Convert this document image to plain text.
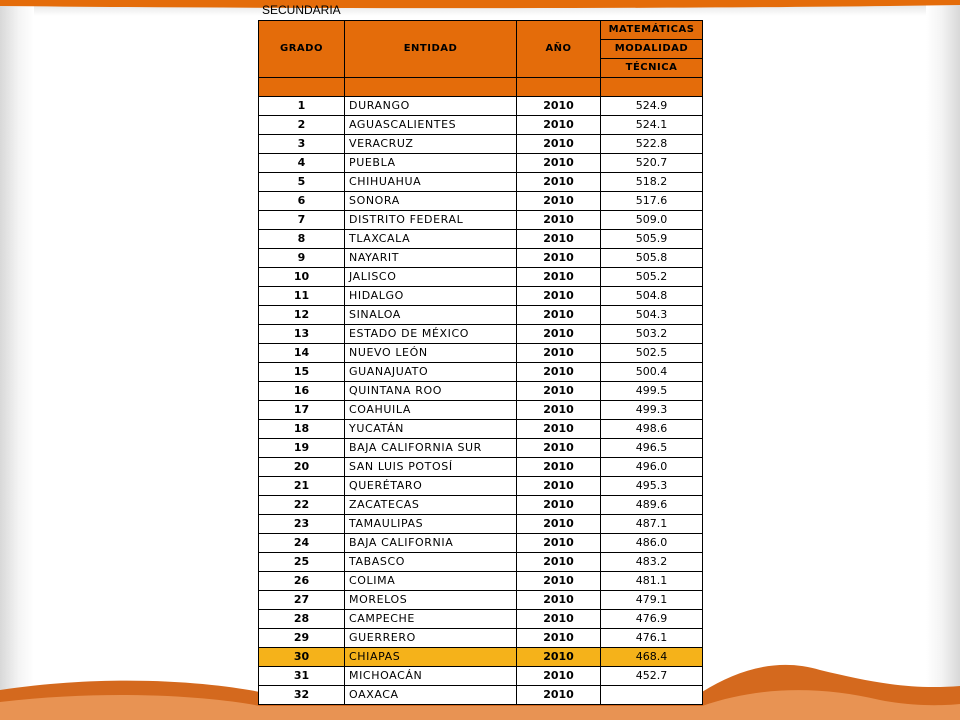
SECUNDARIA
GRADO	ENTIDAD	AÑO	MATEMÁTICAS
			MODALIDAD
			TÉCNICA

1	DURANGO	2010	524.9
2	AGUASCALIENTES	2010	524.1
3	VERACRUZ	2010	522.8
4	PUEBLA	2010	520.7
5	CHIHUAHUA	2010	518.2
6	SONORA	2010	517.6
7	DISTRITO FEDERAL	2010	509.0
8	TLAXCALA	2010	505.9
9	NAYARIT	2010	505.8
10	JALISCO	2010	505.2
11	HIDALGO	2010	504.8
12	SINALOA	2010	504.3
13	ESTADO DE MÉXICO	2010	503.2
14	NUEVO LEÓN	2010	502.5
15	GUANAJUATO	2010	500.4
16	QUINTANA ROO	2010	499.5
17	COAHUILA	2010	499.3
18	YUCATÁN	2010	498.6
19	BAJA CALIFORNIA SUR	2010	496.5
20	SAN LUIS POTOSÍ	2010	496.0
21	QUERÉTARO	2010	495.3
22	ZACATECAS	2010	489.6
23	TAMAULIPAS	2010	487.1
24	BAJA CALIFORNIA	2010	486.0
25	TABASCO	2010	483.2
26	COLIMA	2010	481.1
27	MORELOS	2010	479.1
28	CAMPECHE	2010	476.9
29	GUERRERO	2010	476.1
30	CHIAPAS	2010	468.4
31	MICHOACÁN	2010	452.7
32	OAXACA	2010	
